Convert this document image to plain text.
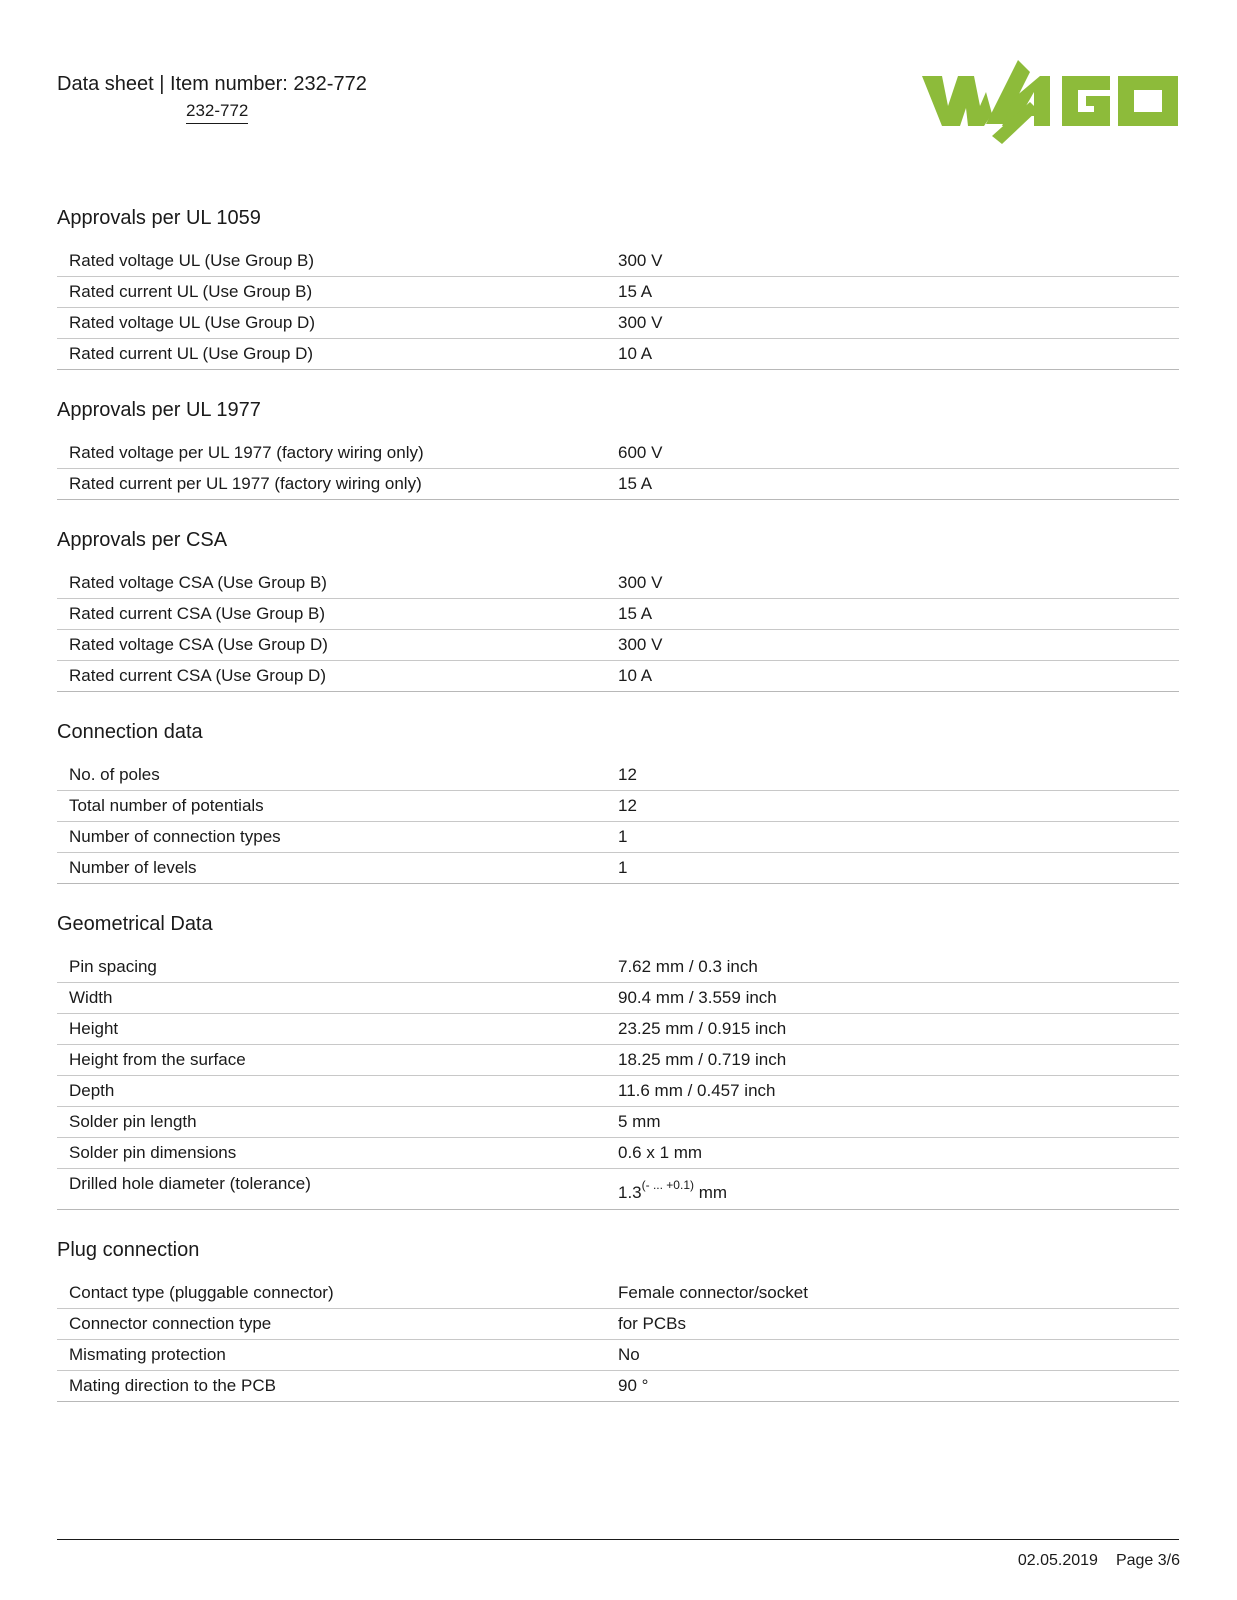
Data sheet | Item number: 232-772
232-772
Approvals per UL 1059
Rated voltage UL (Use Group B)	300 V
Rated current UL (Use Group B)	15 A
Rated voltage UL (Use Group D)	300 V
Rated current UL (Use Group D)	10 A
Approvals per UL 1977
Rated voltage per UL 1977 (factory wiring only)	600 V
Rated current per UL 1977 (factory wiring only)	15 A
Approvals per CSA
Rated voltage CSA (Use Group B)	300 V
Rated current CSA (Use Group B)	15 A
Rated voltage CSA (Use Group D)	300 V
Rated current CSA (Use Group D)	10 A
Connection data
No. of poles	12
Total number of potentials	12
Number of connection types	1
Number of levels	1
Geometrical Data
Pin spacing	7.62 mm / 0.3 inch
Width	90.4 mm / 3.559 inch
Height	23.25 mm / 0.915 inch
Height from the surface	18.25 mm / 0.719 inch
Depth	11.6 mm / 0.457 inch
Solder pin length	5 mm
Solder pin dimensions	0.6 x 1 mm
Drilled hole diameter (tolerance)	$1.3^{(- ... +0.1)}$ mm
Plug connection
Contact type (pluggable connector)	Female connector/socket
Connector connection type	for PCBs
Mismating protection	No
Mating direction to the PCB	90 °
02.05.2019 Page 3/6
